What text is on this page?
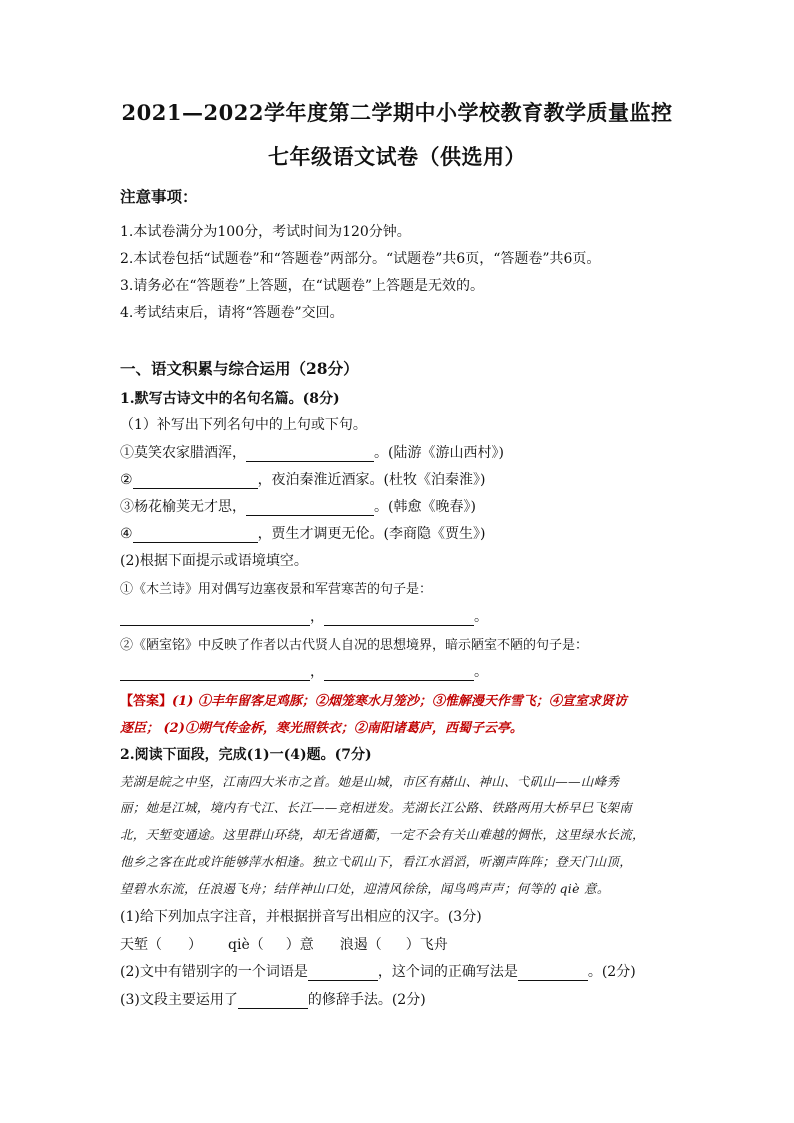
2021—2022学年度第二学期中小学校教育教学质量监控
七年级语文试卷（供选用）
注意事项：
1.本试卷满分为100分，考试时间为120分钟。
2.本试卷包括“试题卷”和“答题卷”两部分。“试题卷”共6页，“答题卷”共6页。
3.请务必在“答题卷”上答题，在“试题卷”上答题是无效的。
4.考试结束后，请将“答题卷”交回。
一、语文积累与综合运用（28分）
1.默写古诗文中的名句名篇。(8分)
（1）补写出下列名句中的上句或下句。
①莫笑农家腊酒浑，	。(陆游《游山西村》)
②	，夜泊秦淮近酒家。(杜牧《泊秦淮》)
③杨花榆荚无才思，	。(韩愈《晚春》)
④	，贾生才调更无伦。(李商隐《贾生》)
(2)根据下面提示或语境填空。
①《木兰诗》用对偶写边塞夜景和军营寒苦的句子是：
，	。
②《陋室铭》中反映了作者以古代贤人自况的思想境界，暗示陋室不陋的句子是：
，	。
【答案】(1) ①丰年留客足鸡豚；②烟笼寒水月笼沙；③惟解漫天作雪飞；④宣室求贤访
逐臣； (2)①朔气传金柝，寒光照铁衣；②南阳诸葛庐，西蜀子云亭。
2.阅读下面段，完成(1)一(4)题。(7分)
芜湖是皖之中坚，江南四大米市之首。她是山城，市区有赭山、神山、弋矶山——山峰秀
丽；她是江城，境内有弋江、长江——竞相迸发。芜湖长江公路、铁路两用大桥早巳飞架南
北，天堑变通途。这里群山环绕，却无省通衢，一定不会有关山难越的惆怅，这里绿水长流，
他乡之客在此或许能够萍水相逢。独立弋矶山下，看江水滔滔，听潮声阵阵；登天门山顶，
望碧水东流，任浪遏飞舟；结伴神山口处，迎清风徐徐，闻鸟鸣声声；何等的 qiè 意。
(1)给下列加点字注音，并根据拼音写出相应的汉字。(3分)
天堑（ ） qiè（ ）意 浪遏（ ）飞舟
(2)文中有错别字的一个词语是	，这个词的正确写法是	。(2分)
(3)文段主要运用了	的修辞手法。(2分)
